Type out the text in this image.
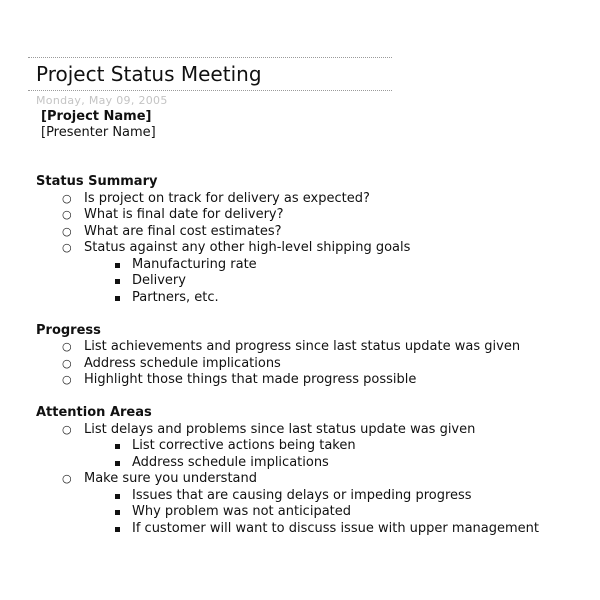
Project Status Meeting
Monday, May 09, 2005
[Project Name]
[Presenter Name]
Status Summary
○ Is project on track for delivery as expected?
○ What is final date for delivery?
○ What are final cost estimates?
○ Status against any other high-level shipping goals
Manufacturing rate
Delivery
Partners, etc.
Progress
○ List achievements and progress since last status update was given
○ Address schedule implications
○ Highlight those things that made progress possible
Attention Areas
○ List delays and problems since last status update was given
List corrective actions being taken
Address schedule implications
○ Make sure you understand
Issues that are causing delays or impeding progress
Why problem was not anticipated
If customer will want to discuss issue with upper management
